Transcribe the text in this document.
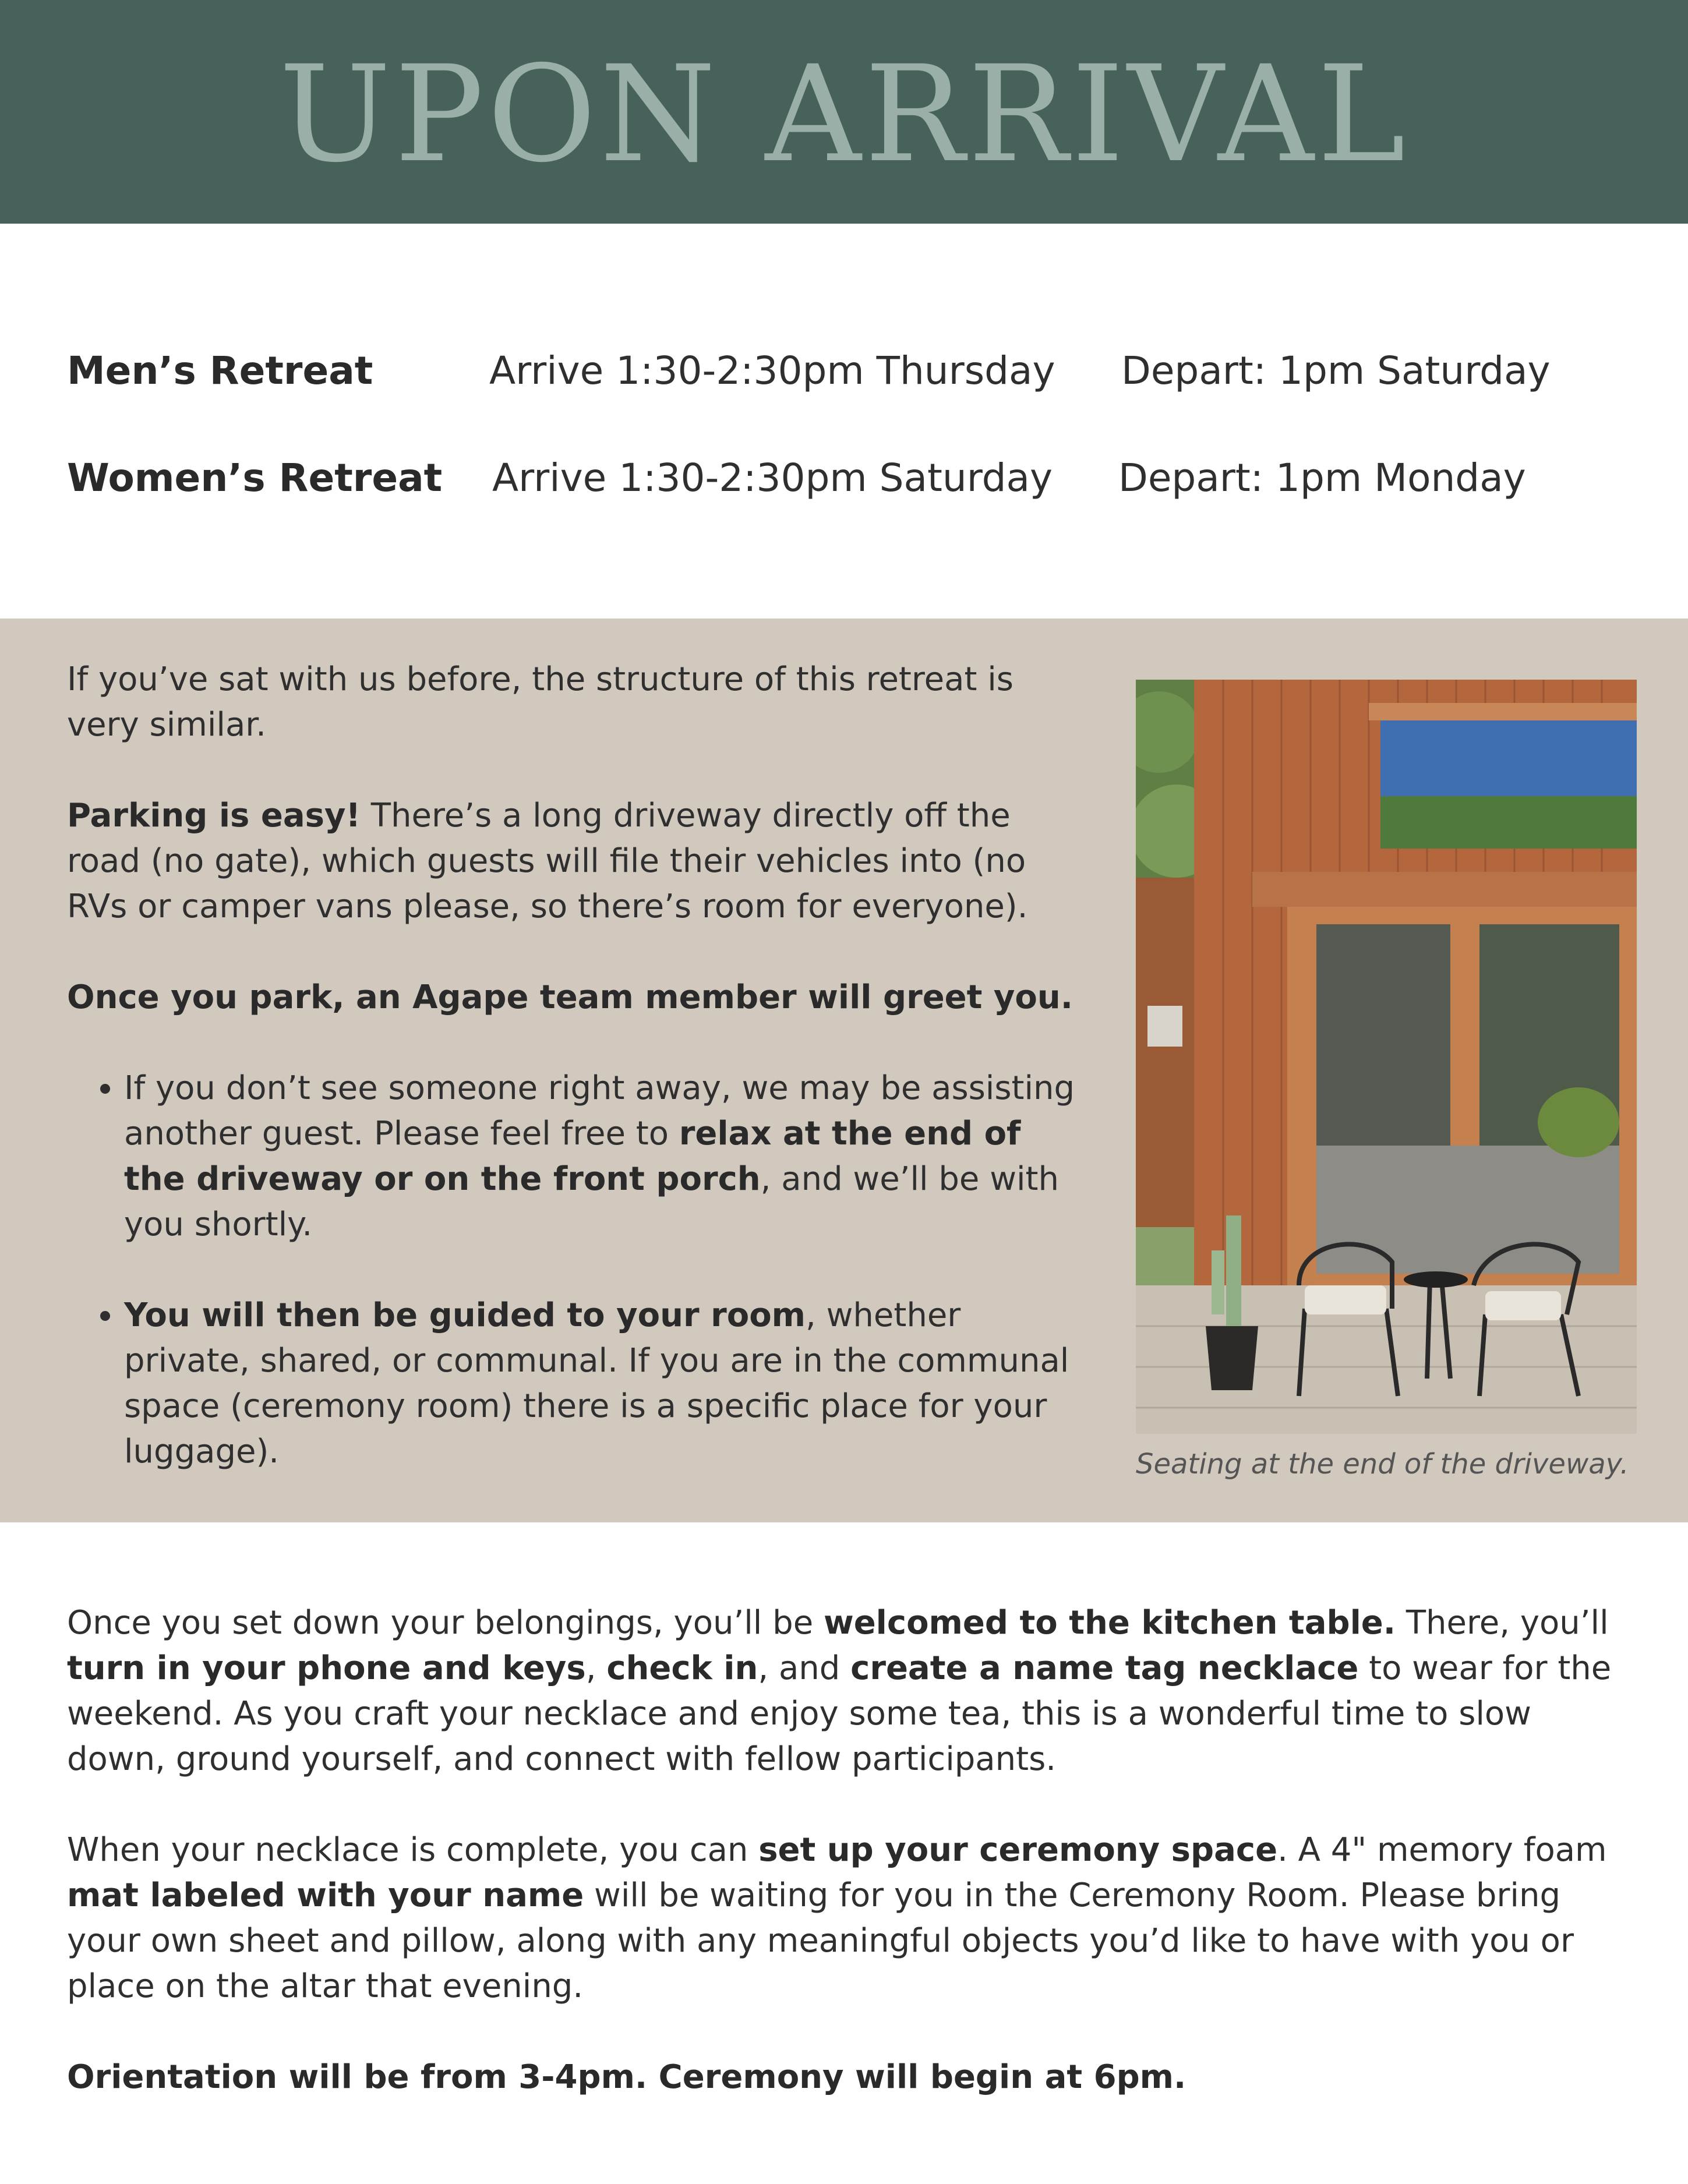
UPON ARRIVAL
Men’s Retreat	Arrive 1:30-2:30pm Thursday Depart: 1pm Saturday
Women’s Retreat Arrive 1:30-2:30pm Saturday Depart: 1pm Monday

If you’ve sat with us before, the structure of this retreat is very similar.

Parking is easy! There’s a long driveway directly off the road (no gate), which guests will file their vehicles into (no RVs or camper vans please, so there’s room for everyone).

Once you park, an Agape team member will greet you.

• If you don’t see someone right away, we may be assisting another guest. Please feel free to relax at the end of the driveway or on the front porch, and we’ll be with you shortly.
• You will then be guided to your room, whether private, shared, or communal. If you are in the communal space (ceremony room) there is a specific place for your luggage).	Seating at the end of the driveway.

Once you set down your belongings, you’ll be welcomed to the kitchen table. There, you’ll turn in your phone and keys, check in, and create a name tag necklace to wear for the weekend. As you craft your necklace and enjoy some tea, this is a wonderful time to slow down, ground yourself, and connect with fellow participants.

When your necklace is complete, you can set up your ceremony space. A 4" memory foam mat labeled with your name will be waiting for you in the Ceremony Room. Please bring your own sheet and pillow, along with any meaningful objects you’d like to have with you or place on the altar that evening.

Orientation will be from 3-4pm. Ceremony will begin at 6pm.
